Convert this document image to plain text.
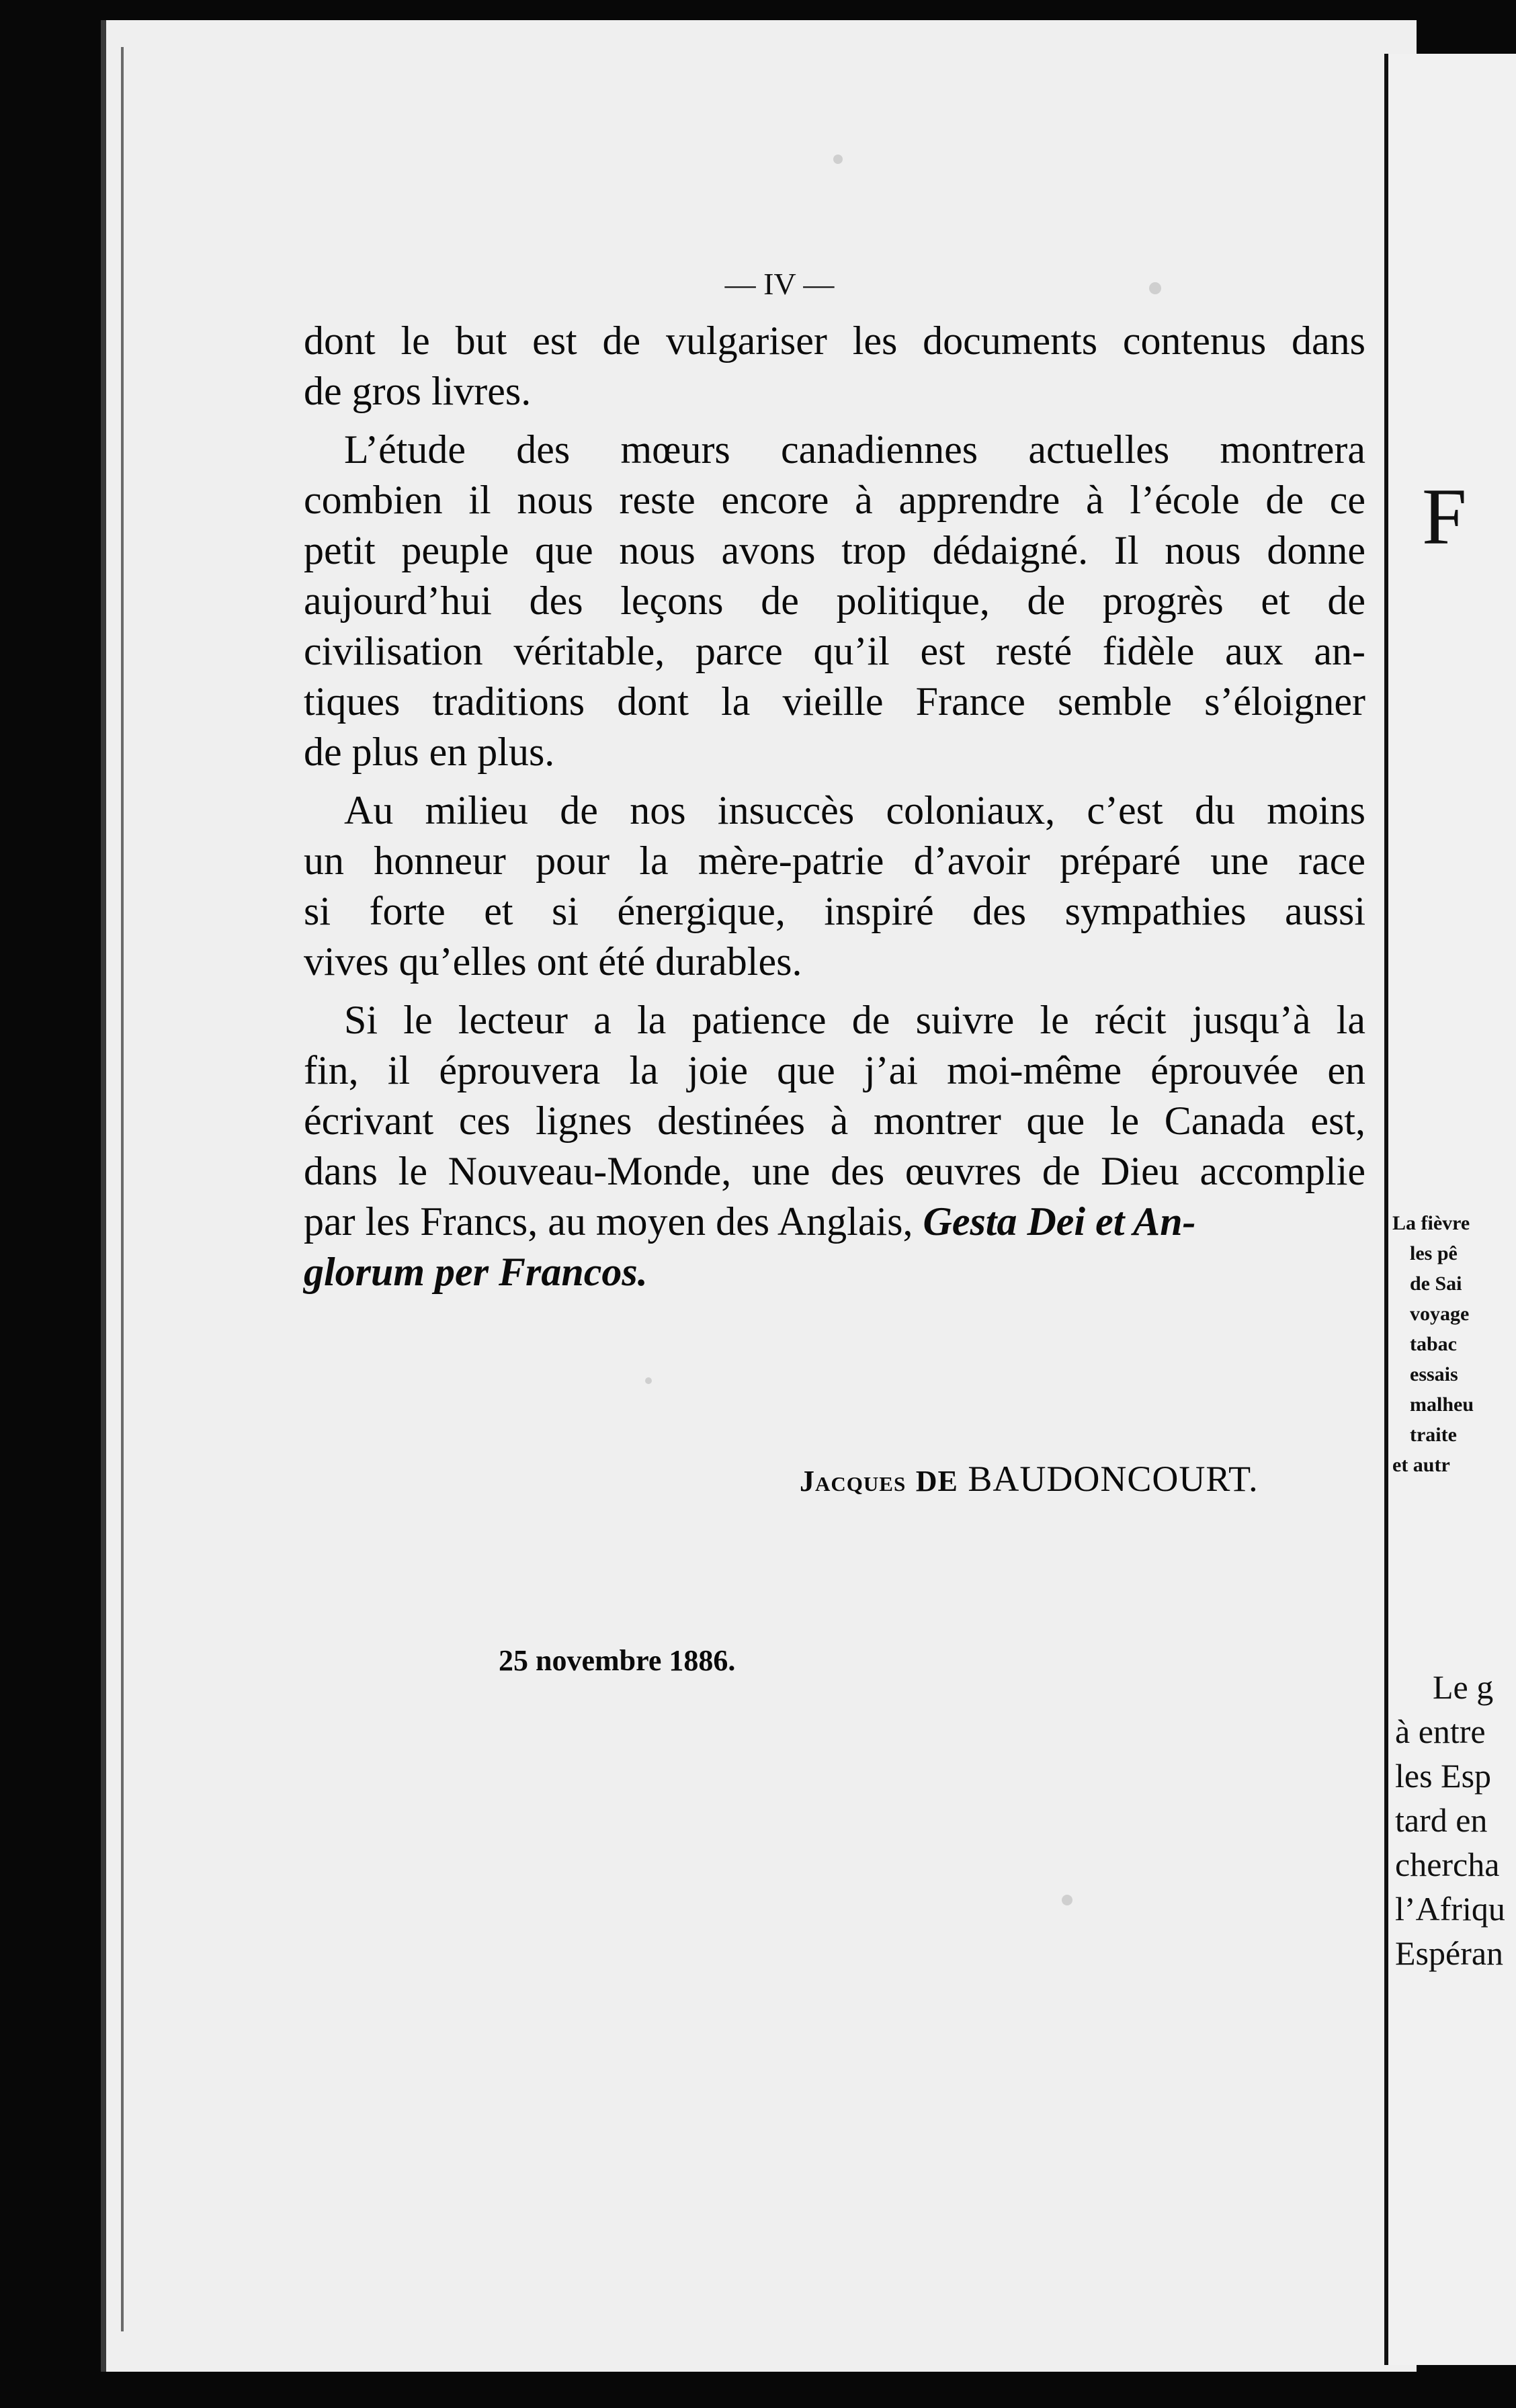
— IV —
dont le but est de vulgariser les documents contenus dans
de gros livres.
L’étude des mœurs canadiennes actuelles montrera
combien il nous reste encore à apprendre à l’école de ce
petit peuple que nous avons trop dédaigné. Il nous donne
aujourd’hui des leçons de politique, de progrès et de
civilisation véritable, parce qu’il est resté fidèle aux an-
tiques traditions dont la vieille France semble s’éloigner
de plus en plus.
Au milieu de nos insuccès coloniaux, c’est du moins
un honneur pour la mère-patrie d’avoir préparé une race
si forte et si énergique, inspiré des sympathies aussi
vives qu’elles ont été durables.
Si le lecteur a la patience de suivre le récit jusqu’à la
fin, il éprouvera la joie que j’ai moi-même éprouvée en
écrivant ces lignes destinées à montrer que le Canada est,
dans le Nouveau-Monde, une des œuvres de Dieu accomplie
par les Francs, au moyen des Anglais, Gesta Dei et An-
glorum per Francos.
Jacques DE BAUDONCOURT.
25 novembre 1886.
F
La fièvre
les pê
de Sai
voyage
tabac
essais
malheu
traite
et autr
Le g
à entre
les Esp
tard en
chercha
l’Afriqu
Espéran
